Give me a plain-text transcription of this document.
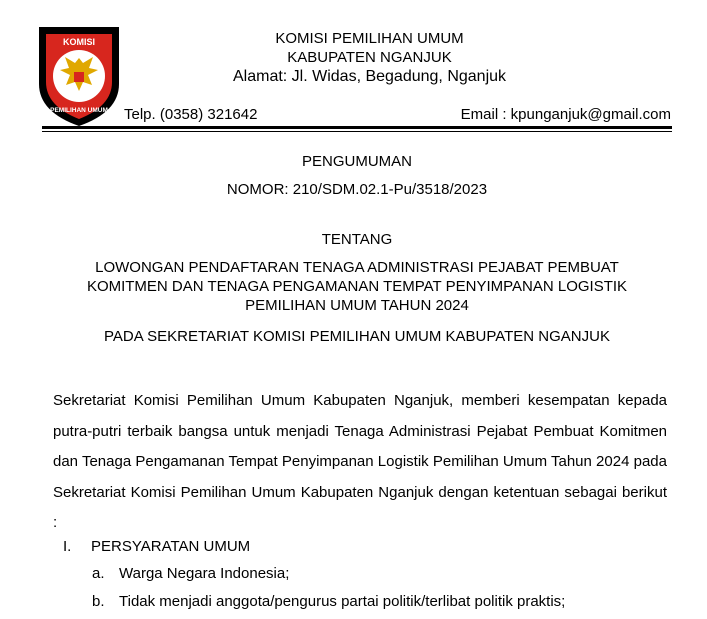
KOMISI
PEMILIHAN UMUM
KOMISI PEMILIHAN UMUM
KABUPATEN NGANJUK
Alamat: Jl. Widas, Begadung, Nganjuk
Telp. (0358) 321642	Email : kpunganjuk@gmail.com
PENGUMUMAN
NOMOR: 210/SDM.02.1-Pu/3518/2023
TENTANG
LOWONGAN PENDAFTARAN TENAGA ADMINISTRASI PEJABAT PEMBUAT
KOMITMEN DAN TENAGA PENGAMANAN TEMPAT PENYIMPANAN LOGISTIK
PEMILIHAN UMUM TAHUN 2024
PADA SEKRETARIAT KOMISI PEMILIHAN UMUM KABUPATEN NGANJUK
Sekretariat Komisi Pemilihan Umum Kabupaten Nganjuk, memberi kesempatan kepada putra-putri terbaik bangsa untuk menjadi Tenaga Administrasi Pejabat Pembuat Komitmen dan Tenaga Pengamanan Tempat Penyimpanan Logistik Pemilihan Umum Tahun 2024 pada Sekretariat Komisi Pemilihan Umum Kabupaten Nganjuk dengan ketentuan sebagai berikut :
I. PERSYARATAN UMUM
a. Warga Negara Indonesia;
b. Tidak menjadi anggota/pengurus partai politik/terlibat politik praktis;
